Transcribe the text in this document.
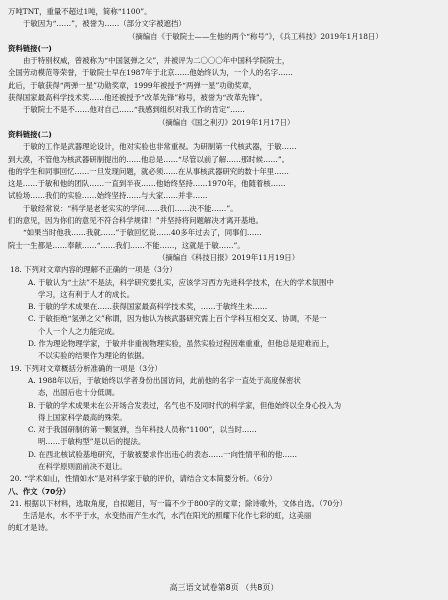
万吨TNT，重量不超过1吨，简称“1100”。
于敏因为“……”，被誉为……（部分文字被遮挡）
（摘编自《于敏院士——生他的两个“称号”》，《兵工科技》2019年1月18日）
资料链接(一)
由于特别权威，曾被称为“中国氢弹之父”，并被评为二〇〇〇年中国科学院院士，
全国劳动模范等荣誉，于敏院士早在1987年于北京……他始终认为，一个人的名字……
此后，于敏获得“两弹一星”功勋奖章，1999年被授予“两弹一星”功勋奖章，
获得国家最高科学技术奖……他还被授予“改革先锋”称号，被誉为“改革先锋”。
于敏院士不是不……他对自己……“我感到组织对我工作的肯定”……
（摘编自《国之利刃》2019年1月17日）
资料链接(二)
于敏的工作是武器理论设计，他对实验也非常重视。为研制第一代核武器，于敏……
到大漠，不管他为核武器研制提出的……他总是……“尽管以前了解……那时候……”。
他的学生和同事回忆……一旦发现问题，就必须……在从事核武器研究的数十年里……
这是……于敏和他的团队……一直到半夜……他始终坚持……1970年，他随着核……
试验场……我们的实验……始终坚持……与大家……并非……
于敏经常说：“科学是老老实实的学问……我们……决不能……”。
们的意见，因为你们的意见不符合科学规律！”并坚持将问题解决才离开基地。
“如果当时他我……我就……”于敏回忆说……40多年过去了，同事们……
院士一生都是……奉献……“……我们……不能……，这就是于敏……”。
（摘编自《科技日报》2019年11月19日）
18. 下列对文章内容的理解不正确的一项是（3分）
A. 于敏认为“土法”不是法，科学研究要扎实，应该学习西方先进科学技术，在大的学术氛围中
学习，这有利于人才的成长。
B. 于敏的学术成果在……获得国家最高科学技术奖，……于敏终生未……
C. 于敏拒绝“氢弹之父”称谓，因为他认为核武器研究需上百个学科互相交叉、协调，不是一
个人一个人之力能完成。
D. 作为理论物理学家，于敏并非重视物理实验，虽然实验过程因难重重，但他总是迎难而上，
不以实验的结果作为理论的依据。
19. 下列对文章概括分析准确的一项是（3分）
A. 1988年以后，于敏始终以学者身份出国访问，此前他的名字一直处于高度保密状
态，出国后也十分低调。
B. 于敏的学术成果未在公开场合发表过，名气也不及同时代的科学家，但他始终以全身心投入为
得上国家科学最高的殊荣。
C. 对于我国研制的第一颗氢弹，当年科技人员称“1100”，以当时……
明……于敏构型”是以后的提法。
D. 在西北核试验基地研究，于敏被要求作出违心的表态……一向性情平和的他……
在科学原则面前决不退让。
20. “学术如山，性情如水”是对科学家于敏的评价，请结合文本简要分析。（6分）
八、作文（70分）
21. 根据以下材料，选取角度，自拟题目，写一篇不少于800字的文章；除诗歌外，文体自选。（70分）
生活是水，水不平于水，水变热而产生水汽，水汽在阳光的照耀下化作七彩的虹，这美丽
的虹才是诗。
高三语文试卷第8页 （共8页）
